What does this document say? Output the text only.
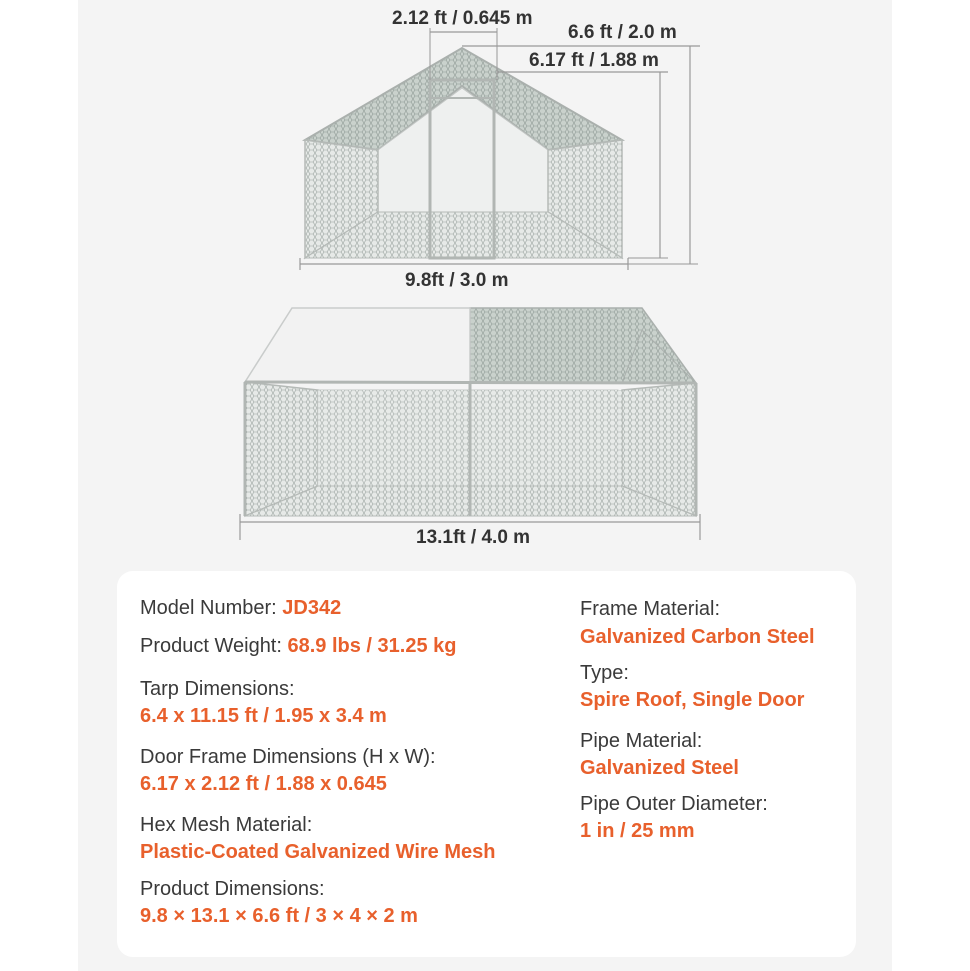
2.12 ft / 0.645 m
6.6 ft / 2.0 m
6.17 ft / 1.88 m
9.8ft / 3.0 m
13.1ft / 4.0 m
Model Number: JD342
Product Weight: 68.9 lbs / 31.25 kg
Tarp Dimensions:
6.4 x 11.15 ft / 1.95 x 3.4 m
Door Frame Dimensions (H x W):
6.17 x 2.12 ft / 1.88 x 0.645
Hex Mesh Material:
Plastic-Coated Galvanized Wire Mesh
Product Dimensions:
9.8 × 13.1 × 6.6 ft / 3 × 4 × 2 m
Frame Material:
Galvanized Carbon Steel
Type:
Spire Roof, Single Door
Pipe Material:
Galvanized Steel
Pipe Outer Diameter:
1 in / 25 mm
